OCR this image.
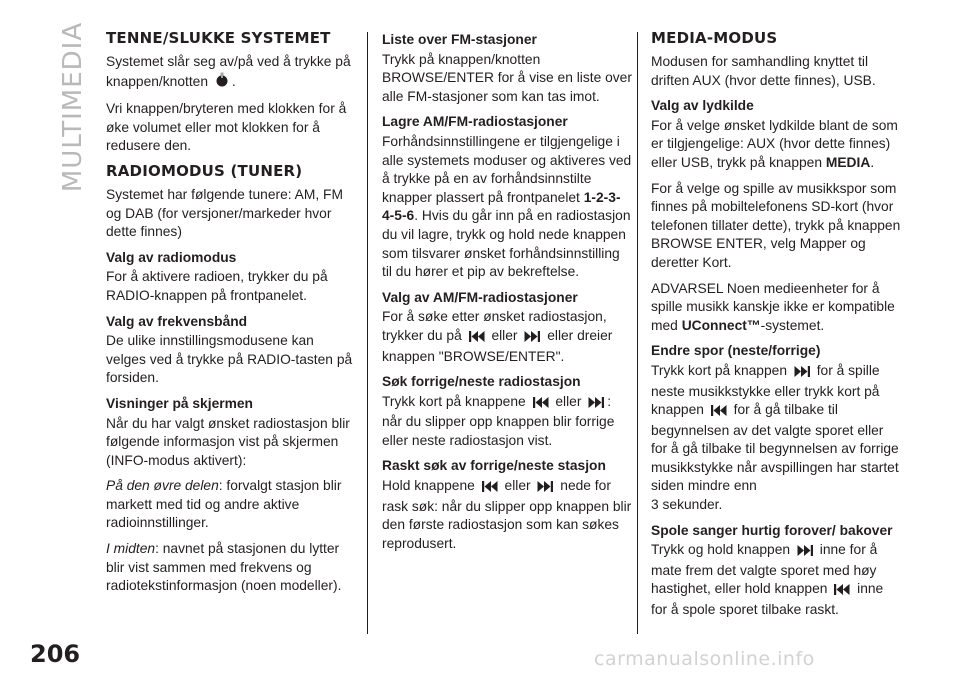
MULTIMEDIA TENNE/SLUKKE SYSTEMET
Systemet slår seg av/på ved å trykke på knappen/knotten .
Vri knappen/bryteren med klokken for å øke volumet eller mot klokken for å redusere den.
RADIOMODUS (TUNER)
Systemet har følgende tunere: AM, FM og DAB (for versjoner/markeder hvor dette finnes)
Valg av radiomodus
For å aktivere radioen, trykker du på RADIO-knappen på frontpanelet.
Valg av frekvensbånd
De ulike innstillingsmodusene kan velges ved å trykke på RADIO-tasten på forsiden.
Visninger på skjermen
Når du har valgt ønsket radiostasjon blir følgende informasjon vist på skjermen (INFO-modus aktivert):
På den øvre delen: forvalgt stasjon blir markett med tid og andre aktive radioinnstillinger.
I midten: navnet på stasjonen du lytter blir vist sammen med frekvens og radiotekstinformasjon (noen modeller).
Liste over FM-stasjoner
Trykk på knappen/knotten BROWSE/ENTER for å vise en liste over alle FM-stasjoner som kan tas imot.
Lagre AM/FM-radiostasjoner
Forhåndsinnstillingene er tilgjengelige i alle systemets moduser og aktiveres ved å trykke på en av forhåndsinnstilte knapper plassert på frontpanelet 1-2-3-4-5-6. Hvis du går inn på en radiostasjon du vil lagre, trykk og hold nede knappen som tilsvarer ønsket forhåndsinnstilling til du hører et pip av bekreftelse.
Valg av AM/FM-radiostasjoner
For å søke etter ønsket radiostasjon, trykker du på eller eller dreier knappen "BROWSE/ENTER".
Søk forrige/neste radiostasjon
Trykk kort på knappene eller : når du slipper opp knappen blir forrige eller neste radiostasjon vist.
Raskt søk av forrige/neste stasjon
Hold knappene eller nede for rask søk: når du slipper opp knappen blir den første radiostasjon som kan søkes reprodusert.
MEDIA-MODUS
Modusen for samhandling knyttet til driften AUX (hvor dette finnes), USB.
Valg av lydkilde
For å velge ønsket lydkilde blant de som er tilgjengelige: AUX (hvor dette finnes) eller USB, trykk på knappen MEDIA.
For å velge og spille av musikkspor som finnes på mobiltelefonens SD-kort (hvor telefonen tillater dette), trykk på knappen BROWSE ENTER, velg Mapper og deretter Kort.
ADVARSEL Noen medieenheter for å spille musikk kanskje ikke er kompatible med UConnect™-systemet.
Endre spor (neste/forrige)
Trykk kort på knappen for å spille neste musikkstykke eller trykk kort på knappen for å gå tilbake til begynnelsen av det valgte sporet eller for å gå tilbake til begynnelsen av forrige musikkstykke når avspillingen har startet siden mindre enn
3 sekunder.
Spole sanger hurtig forover/ bakover
Trykk og hold knappen inne for å mate frem det valgte sporet med høy hastighet, eller hold knappen inne for å spole sporet tilbake raskt.
206	carmanualsonline.info
